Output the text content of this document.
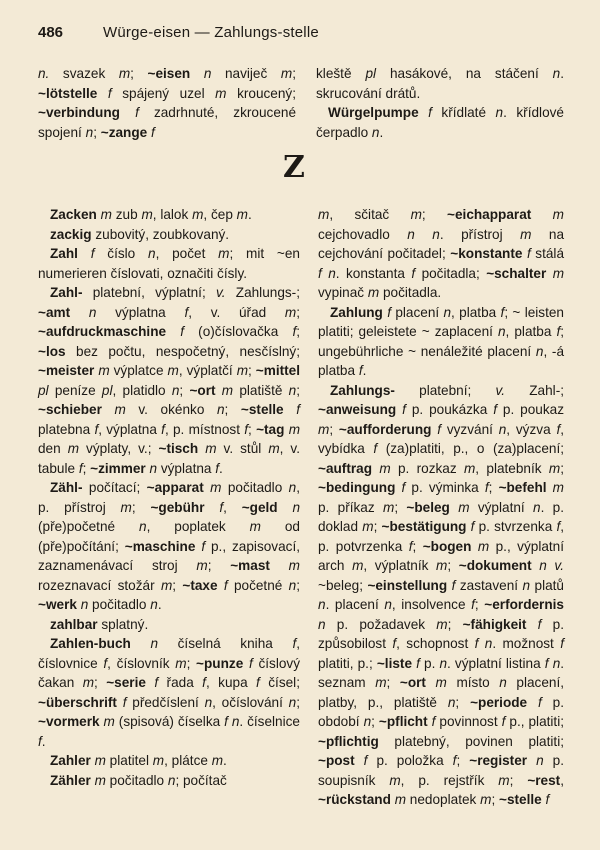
486	Würge-eisen — Zahlungs-stelle

n. svazek m; ~eisen n naviječ m; ~lötstelle f spájený uzel m kroucený; ~verbindung f zadrhnuté, zkroucené spojení n; ~zange f

kleště pl hasákové, na stáčení n. skrucování drátů.

Würgelpumpe f křídlaté n. křídlové čerpadlo n.

Z

Zacken m zub m, lalok m, čep m.

zackig zubovitý, zoubkovaný.

Zahl f číslo n, počet m; mit ~en numerieren číslovati, označiti čísly.

Zahl- platební, výplatní; v. Zahlungs-; ~amt n výplatna f, v. úřad m; ~aufdruckmaschine f (o)číslovačka f; ~los bez počtu, nespočetný, nesčíslný; ~meister m výplatce m, výplatčí m; ~mittel pl peníze pl, platidlo n; ~ort m platiště n; ~schieber m v. okénko n; ~stelle f platebna f, výplatna f, p. místnost f; ~tag m den m výplaty, v.; ~tisch m v. stůl m, v. tabule f; ~zimmer n výplatna f.

Zähl- počítací; ~apparat m počitadlo n, p. přístroj m; ~gebühr f, ~geld n (pře)početné n, poplatek m od (pře)počítání; ~maschine f p., zapisovací, zaznamenávací stroj m; ~mast m rozeznavací stožár m; ~taxe f početné n; ~werk n počitadlo n.

zahlbar splatný.

Zahlen-buch n číselná kniha f, číslovnice f, číslovník m; ~punze f číslový čakan m; ~serie f řada f, kupa f čísel; ~überschrift f předčíslení n, očíslování n; ~vormerk m (spisová) číselka f n. číselnice f.

Zahler m platitel m, plátce m.

Zähler m počitadlo n; počítač

m, sčitač m; ~eichapparat m cejchovadlo n n. přístroj m na cejchování počitadel; ~konstante f stálá f n. konstanta f počitadla; ~schalter m vypinač m počitadla.

Zahlung f placení n, platba f; ~ leisten platiti; geleistete ~ zaplacení n, platba f; ungebührliche ~ nenáležité placení n, -á platba f.

Zahlungs- platební; v. Zahl-; ~anweisung f p. poukázka f p. poukaz m; ~aufforderung f vyzvání n, výzva f, vybídka f (za)platiti, p., o (za)placení; ~auftrag m p. rozkaz m, platebník m; ~bedingung f p. výminka f; ~befehl m p. příkaz m; ~beleg m výplatní n. p. doklad m; ~bestätigung f p. stvrzenka f, p. potvrzenka f; ~bogen m p., výplatní arch m, výplatník m; ~dokument n v. ~beleg; ~einstellung f zastavení n platů n. placení n, insolvence f; ~erfordernis n p. požadavek m; ~fähigkeit f p. způsobilost f, schopnost f n. možnost f platiti, p.; ~liste f p. n. výplatní listina f n. seznam m; ~ort m místo n placení, platby, p., platiště n; ~periode f p. období n; ~pflicht f povinnost f p., platiti; ~pflichtig platebný, povinen platiti; ~post f p. položka f; ~register n p. soupisník m, p. rejstřík m; ~rest, ~rückstand m nedoplatek m; ~stelle f
